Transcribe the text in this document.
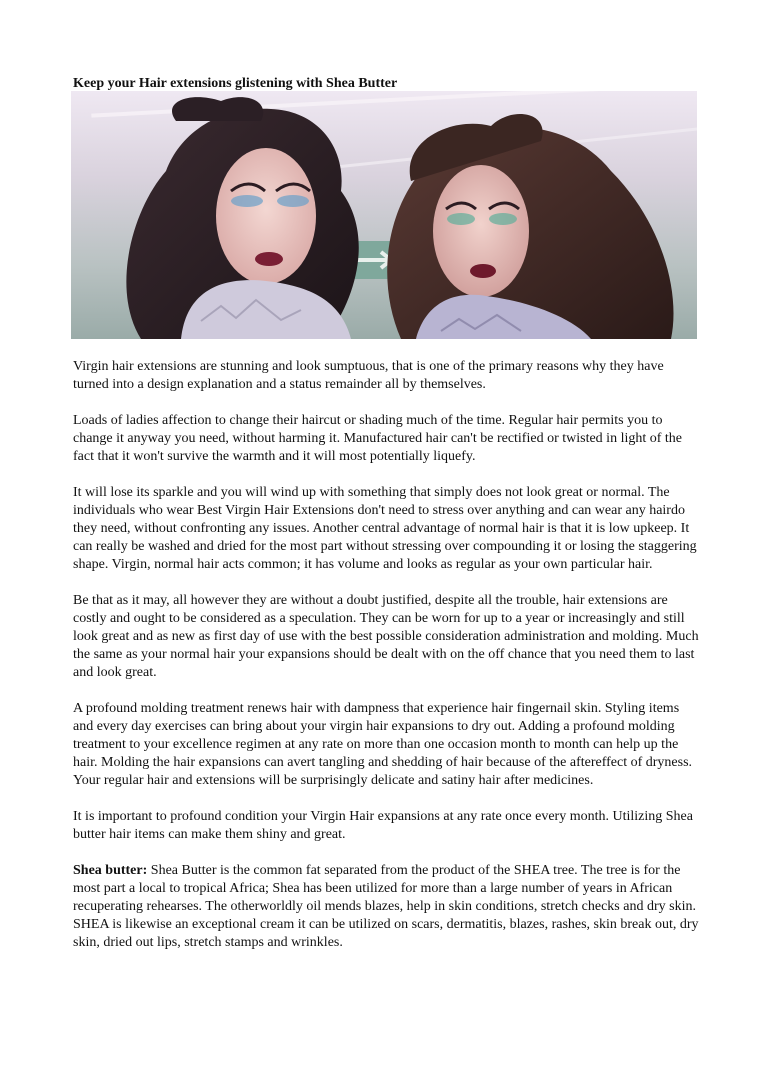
Keep your Hair extensions glistening with Shea Butter

Virgin hair extensions are stunning and look sumptuous, that is one of the primary reasons why they have turned into a design explanation and a status remainder all by themselves.

Loads of ladies affection to change their haircut or shading much of the time. Regular hair permits you to change it anyway you need, without harming it. Manufactured hair can't be rectified or twisted in light of the fact that it won't survive the warmth and it will most potentially liquefy.

It will lose its sparkle and you will wind up with something that simply does not look great or normal. The individuals who wear Best Virgin Hair Extensions don't need to stress over anything and can wear any hairdo they need, without confronting any issues. Another central advantage of normal hair is that it is low upkeep. It can really be washed and dried for the most part without stressing over compounding it or losing the staggering shape. Virgin, normal hair acts common; it has volume and looks as regular as your own particular hair.

Be that as it may, all however they are without a doubt justified, despite all the trouble, hair extensions are costly and ought to be considered as a speculation. They can be worn for up to a year or increasingly and still look great and as new as first day of use with the best possible consideration administration and molding. Much the same as your normal hair your expansions should be dealt with on the off chance that you need them to last and look great.

A profound molding treatment renews hair with dampness that experience hair fingernail skin. Styling items and every day exercises can bring about your virgin hair expansions to dry out. Adding a profound molding treatment to your excellence regimen at any rate on more than one occasion month to month can help up the hair. Molding the hair expansions can avert tangling and shedding of hair because of the aftereffect of dryness. Your regular hair and extensions will be surprisingly delicate and satiny hair after medicines.

It is important to profound condition your Virgin Hair expansions at any rate once every month. Utilizing Shea butter hair items can make them shiny and great.

Shea butter: Shea Butter is the common fat separated from the product of the SHEA tree. The tree is for the most part a local to tropical Africa; Shea has been utilized for more than a large number of years in African recuperating rehearses. The otherworldly oil mends blazes, help in skin conditions, stretch checks and dry skin. SHEA is likewise an exceptional cream it can be utilized on scars, dermatitis, blazes, rashes, skin break out, dry skin, dried out lips, stretch stamps and wrinkles.
